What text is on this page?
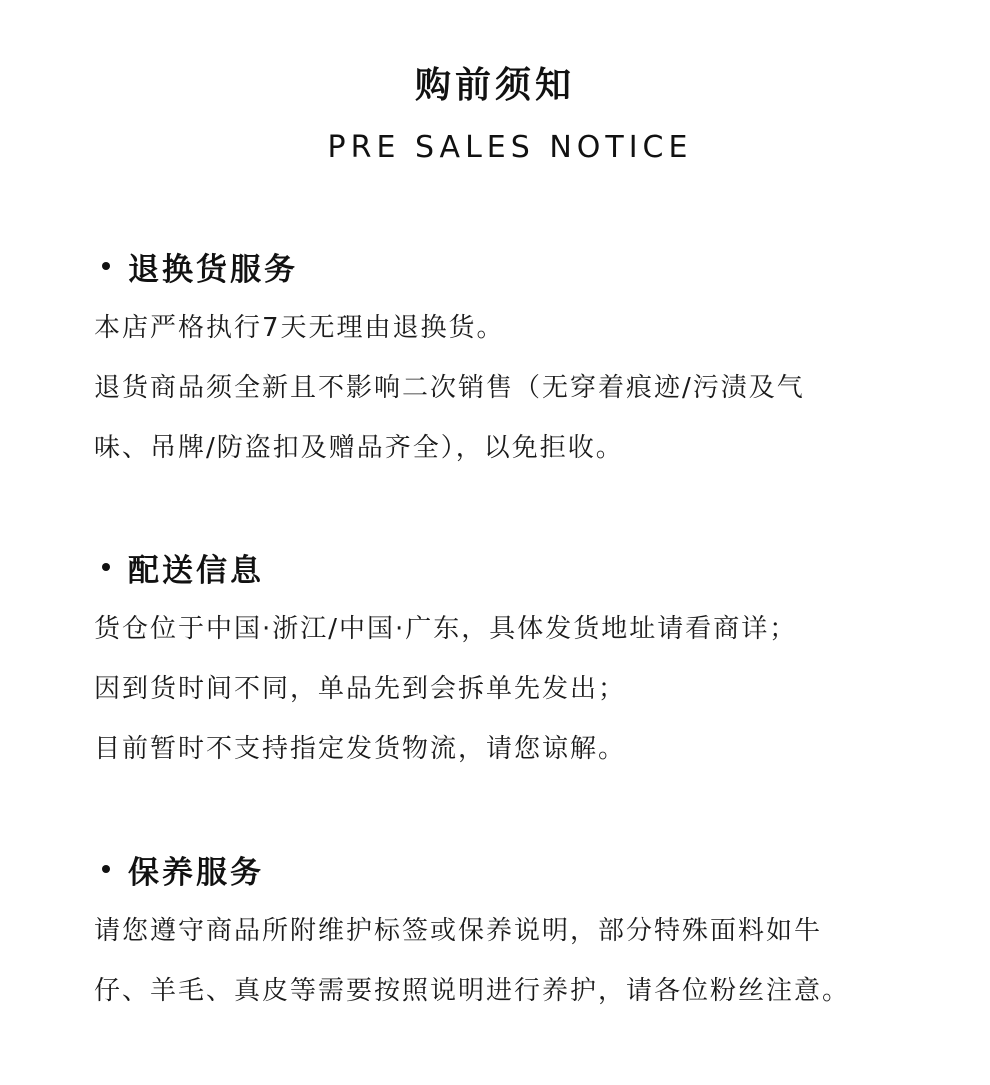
购前须知
PRE SALES NOTICE
退换货服务
本店严格执行7天无理由退换货。
退货商品须全新且不影响二次销售（无穿着痕迹/污渍及气
味、吊牌/防盗扣及赠品齐全），以免拒收。
配送信息
货仓位于中国·浙江/中国·广东，具体发货地址请看商详；
因到货时间不同，单品先到会拆单先发出；
目前暂时不支持指定发货物流，请您谅解。
保养服务
请您遵守商品所附维护标签或保养说明，部分特殊面料如牛
仔、羊毛、真皮等需要按照说明进行养护，请各位粉丝注意。
